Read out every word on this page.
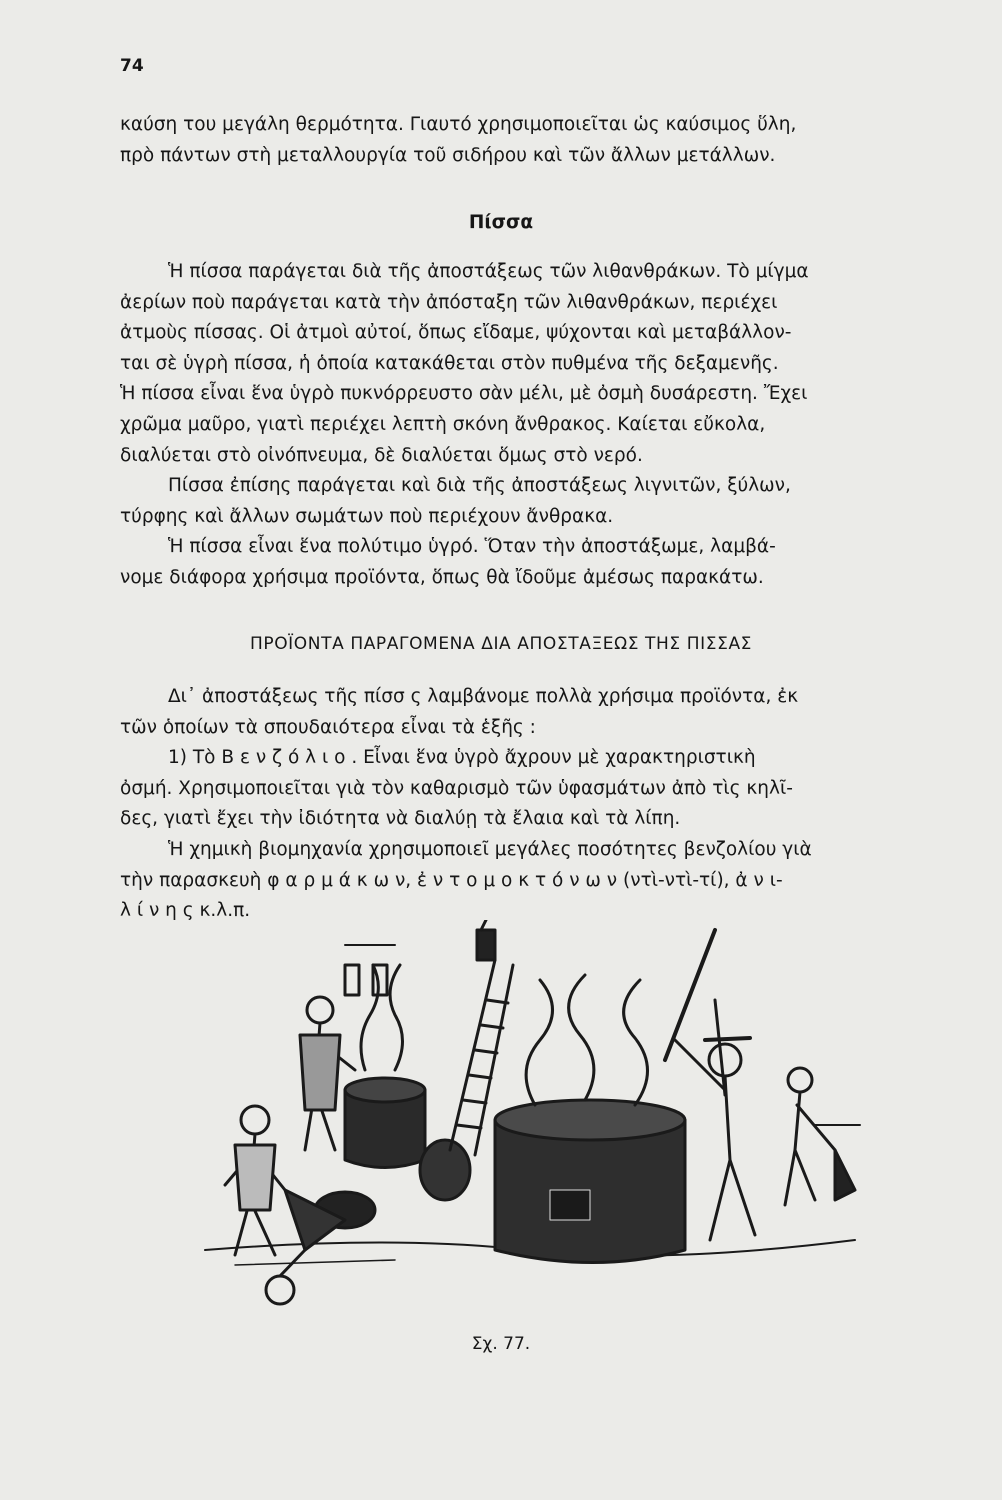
74
καύση του μεγάλη θερμότητα. Γιαυτό χρησιμοποιεῖται ὡς καύσιμος ὕλη,
πρὸ πάντων στὴ μεταλλουργία τοῦ σιδήρου καὶ τῶν ἄλλων μετάλλων.
Πίσσα
Ἡ πίσσα παράγεται διὰ τῆς ἀποστάξεως τῶν λιθανθράκων. Τὸ μίγμα
ἀερίων ποὺ παράγεται κατὰ τὴν ἀπόσταξη τῶν λιθανθράκων, περιέχει
ἀτμοὺς πίσσας. Οἱ ἀτμοὶ αὐτοί, ὅπως εἴδαμε, ψύχονται καὶ μεταβάλλον-
ται σὲ ὑγρὴ πίσσα, ἡ ὁποία κατακάθεται στὸν πυθμένα τῆς δεξαμενῆς.
Ἡ πίσσα εἶναι ἕνα ὑγρὸ πυκνόρρευστο σὰν μέλι, μὲ ὀσμὴ δυσάρεστη. Ἔχει
χρῶμα μαῦρο, γιατὶ περιέχει λεπτὴ σκόνη ἄνθρακος. Καίεται εὔκολα,
διαλύεται στὸ οἰνόπνευμα, δὲ διαλύεται ὅμως στὸ νερό.
Πίσσα ἐπίσης παράγεται καὶ διὰ τῆς ἀποστάξεως λιγνιτῶν, ξύλων,
τύρφης καὶ ἄλλων σωμάτων ποὺ περιέχουν ἄνθρακα.
Ἡ πίσσα εἶναι ἕνα πολύτιμο ὑγρό. Ὅταν τὴν ἀποστάξωμε, λαμβά-
νομε διάφορα χρήσιμα προϊόντα, ὅπως θὰ ἴδοῦμε ἀμέσως παρακάτω.
ΠΡΟΪΟΝΤΑ ΠΑΡΑΓΟΜΕΝΑ ΔΙΑ ΑΠΟΣΤΑΞΕΩΣ ΤΗΣ ΠΙΣΣΑΣ
Δι᾽ ἀποστάξεως τῆς πίσσ ς λαμβάνομε πολλὰ χρήσιμα προϊόντα, ἐκ
τῶν ὁποίων τὰ σπουδαιότερα εἶναι τὰ ἑξῆς :
1) Τὸ Β ε ν ζ ό λ ι ο . Εἶναι ἕνα ὑγρὸ ἄχρουν μὲ χαρακτηριστικὴ
ὀσμή. Χρησιμοποιεῖται γιὰ τὸν καθαρισμὸ τῶν ὑφασμάτων ἀπὸ τὶς κηλῖ-
δες, γιατὶ ἔχει τὴν ἰδιότητα νὰ διαλύῃ τὰ ἔλαια καὶ τὰ λίπη.
Ἡ χημικὴ βιομηχανία χρησιμοποιεῖ μεγάλες ποσότητες βενζολίου γιὰ
τὴν παρασκευὴ φ α ρ μ ά κ ω ν, ἐ ν τ ο μ ο κ τ ό ν ω ν (ντὶ-ντὶ-τί), ἀ ν ι-
λ ί ν η ς κ.λ.π.
Σχ. 77.
